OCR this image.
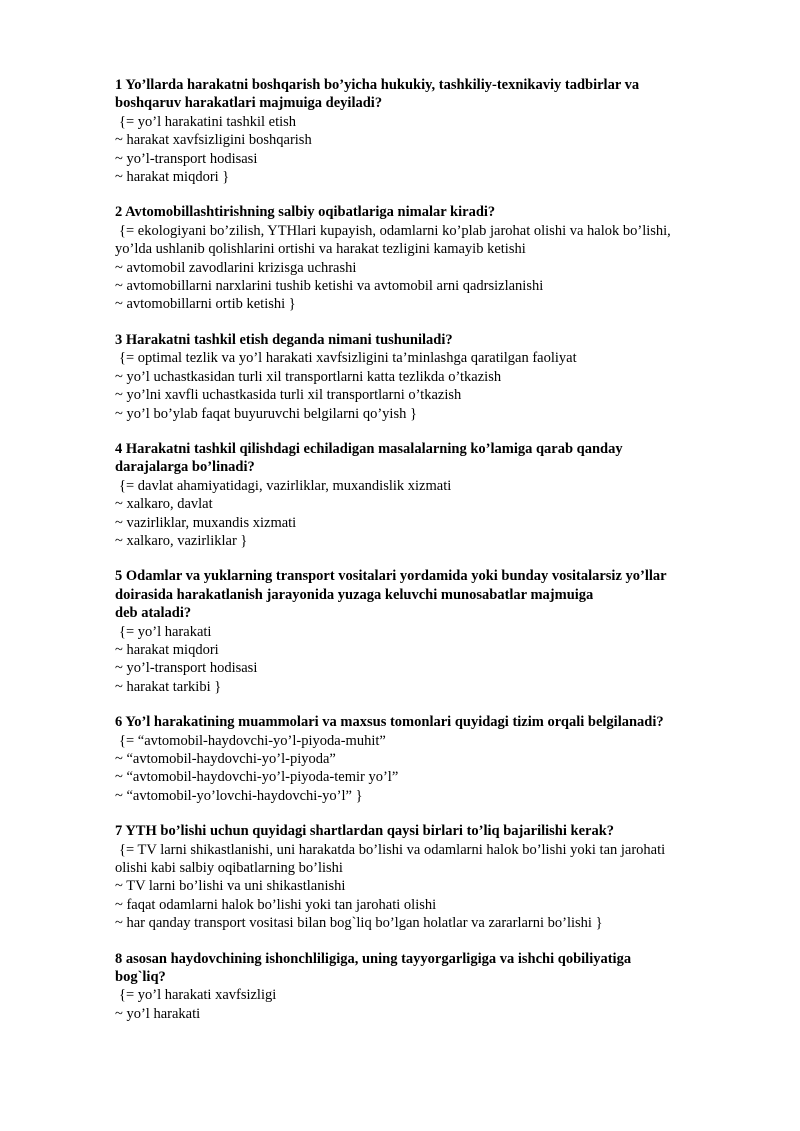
1 Yo’llarda harakatni boshqarish bo’yicha hukukiy, tashkiliy-texnikaviy tadbirlar va
boshqaruv harakatlari majmuiga deyiladi?
{= yo’l harakatini tashkil etish
~ harakat xavfsizligini boshqarish
~ yo’l-transport hodisasi
~ harakat miqdori }
2 Avtomobillashtirishning salbiy oqibatlariga nimalar kiradi?
{= ekologiyani bo’zilish, YTHlari kupayish, odamlarni ko’plab jarohat olishi va halok bo’lishi,
yo’lda ushlanib qolishlarini ortishi va harakat tezligini kamayib ketishi
~ avtomobil zavodlarini krizisga uchrashi
~ avtomobillarni narxlarini tushib ketishi va avtomobil arni qadrsizlanishi
~ avtomobillarni ortib ketishi }
3 Harakatni tashkil etish deganda nimani tushuniladi?
{= optimal tezlik va yo’l harakati xavfsizligini ta’minlashga qaratilgan faoliyat
~ yo’l uchastkasidan turli xil transportlarni katta tezlikda o’tkazish
~ yo’lni xavfli uchastkasida turli xil transportlarni o’tkazish
~ yo’l bo’ylab faqat buyuruvchi belgilarni qo’yish }
4 Harakatni tashkil qilishdagi echiladigan masalalarning ko’lamiga qarab qanday
darajalarga bo’linadi?
{= davlat ahamiyatidagi, vazirliklar, muxandislik xizmati
~ xalkaro, davlat
~ vazirliklar, muxandis xizmati
~ xalkaro, vazirliklar }
5 Odamlar va yuklarning transport vositalari yordamida yoki bunday vositalarsiz yo’llar
doirasida harakatlanish jarayonida yuzaga keluvchi munosabatlar majmuiga
deb ataladi?
{= yo’l harakati
~ harakat miqdori
~ yo’l-transport hodisasi
~ harakat tarkibi }
6 Yo’l harakatining muammolari va maxsus tomonlari quyidagi tizim orqali belgilanadi?
{= “avtomobil-haydovchi-yo’l-piyoda-muhit”
~ “avtomobil-haydovchi-yo’l-piyoda”
~ “avtomobil-haydovchi-yo’l-piyoda-temir yo’l”
~ “avtomobil-yo’lovchi-haydovchi-yo’l” }
7 YTH bo’lishi uchun quyidagi shartlardan qaysi birlari to’liq bajarilishi kerak?
{= TV larni shikastlanishi, uni harakatda bo’lishi va odamlarni halok bo’lishi yoki tan jarohati
olishi kabi salbiy oqibatlarning bo’lishi
~ TV larni bo’lishi va uni shikastlanishi
~ faqat odamlarni halok bo’lishi yoki tan jarohati olishi
~ har qanday transport vositasi bilan bog`liq bo’lgan holatlar va zararlarni bo’lishi }
8 asosan haydovchining ishonchliligiga, uning tayyorgarligiga va ishchi qobiliyatiga
bog`liq?
{= yo’l harakati xavfsizligi
~ yo’l harakati
